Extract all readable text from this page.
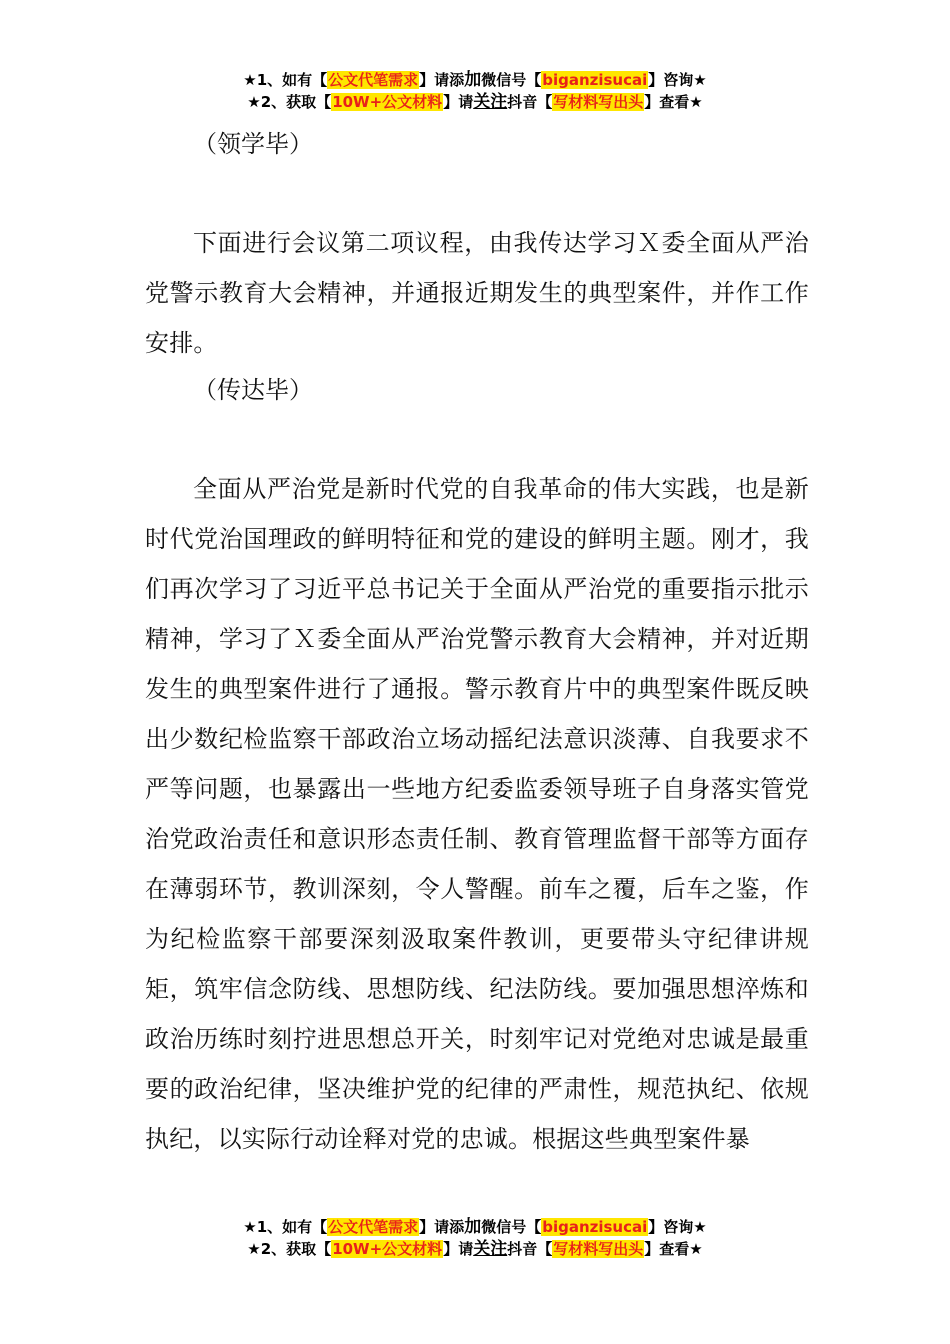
★1、如有【公文代笔需求】请添加微信号【biganzisucai】咨询★
★2、获取【10W+公文材料】请关注抖音【写材料写出头】查看★

（领学毕）

下面进行会议第二项议程，由我传达学习Ｘ委全面从严治党警示教育大会精神，并通报近期发生的典型案件，并作工作安排。

（传达毕）

全面从严治党是新时代党的自我革命的伟大实践，也是新时代党治国理政的鲜明特征和党的建设的鲜明主题。刚才，我们再次学习了习近平总书记关于全面从严治党的重要指示批示精神，学习了Ｘ委全面从严治党警示教育大会精神，并对近期发生的典型案件进行了通报。警示教育片中的典型案件既反映出少数纪检监察干部政治立场动摇纪法意识淡薄、自我要求不严等问题，也暴露出一些地方纪委监委领导班子自身落实管党治党政治责任和意识形态责任制、教育管理监督干部等方面存在薄弱环节，教训深刻，令人警醒。前车之覆，后车之鉴，作为纪检监察干部要深刻汲取案件教训，更要带头守纪律讲规矩，筑牢信念防线、思想防线、纪法防线。要加强思想淬炼和政治历练时刻拧进思想总开关，时刻牢记对党绝对忠诚是最重要的政治纪律，坚决维护党的纪律的严肃性，规范执纪、依规执纪，以实际行动诠释对党的忠诚。根据这些典型案件暴

★1、如有【公文代笔需求】请添加微信号【biganzisucai】咨询★
★2、获取【10W+公文材料】请关注抖音【写材料写出头】查看★
